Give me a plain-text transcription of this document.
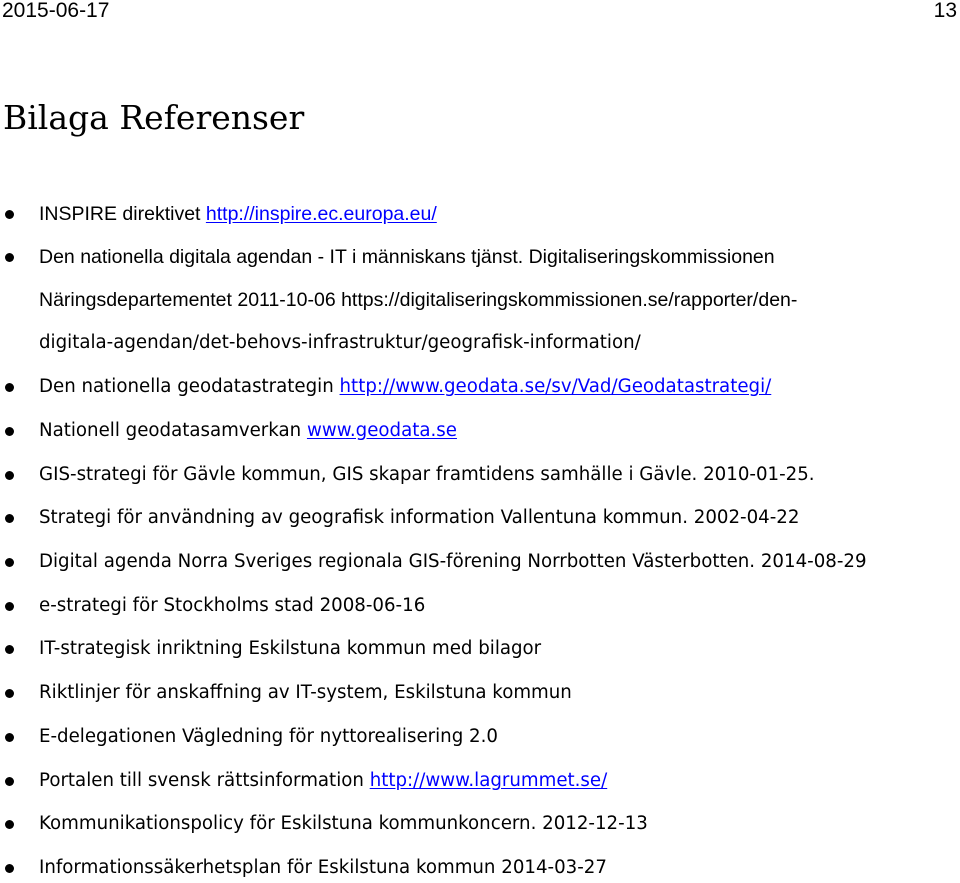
2015-06-17	13
Bilaga Referenser
INSPIRE direktivet http://inspire.ec.europa.eu/
Den nationella digitala agendan - IT i människans tjänst. Digitaliseringskommissionen
Näringsdepartementet 2011-10-06 https://digitaliseringskommissionen.se/rapporter/den-
digitala-agendan/det-behovs-infrastruktur/geografisk-information/
Den nationella geodatastrategin http://www.geodata.se/sv/Vad/Geodatastrategi/
Nationell geodatasamverkan www.geodata.se
GIS-strategi för Gävle kommun, GIS skapar framtidens samhälle i Gävle. 2010-01-25.
Strategi för användning av geografisk information Vallentuna kommun. 2002-04-22
Digital agenda Norra Sveriges regionala GIS-förening Norrbotten Västerbotten. 2014-08-29
e-strategi för Stockholms stad 2008-06-16
IT-strategisk inriktning Eskilstuna kommun med bilagor
Riktlinjer för anskaffning av IT-system, Eskilstuna kommun
E-delegationen Vägledning för nyttorealisering 2.0
Portalen till svensk rättsinformation http://www.lagrummet.se/
Kommunikationspolicy för Eskilstuna kommunkoncern. 2012-12-13
Informationssäkerhetsplan för Eskilstuna kommun 2014-03-27
